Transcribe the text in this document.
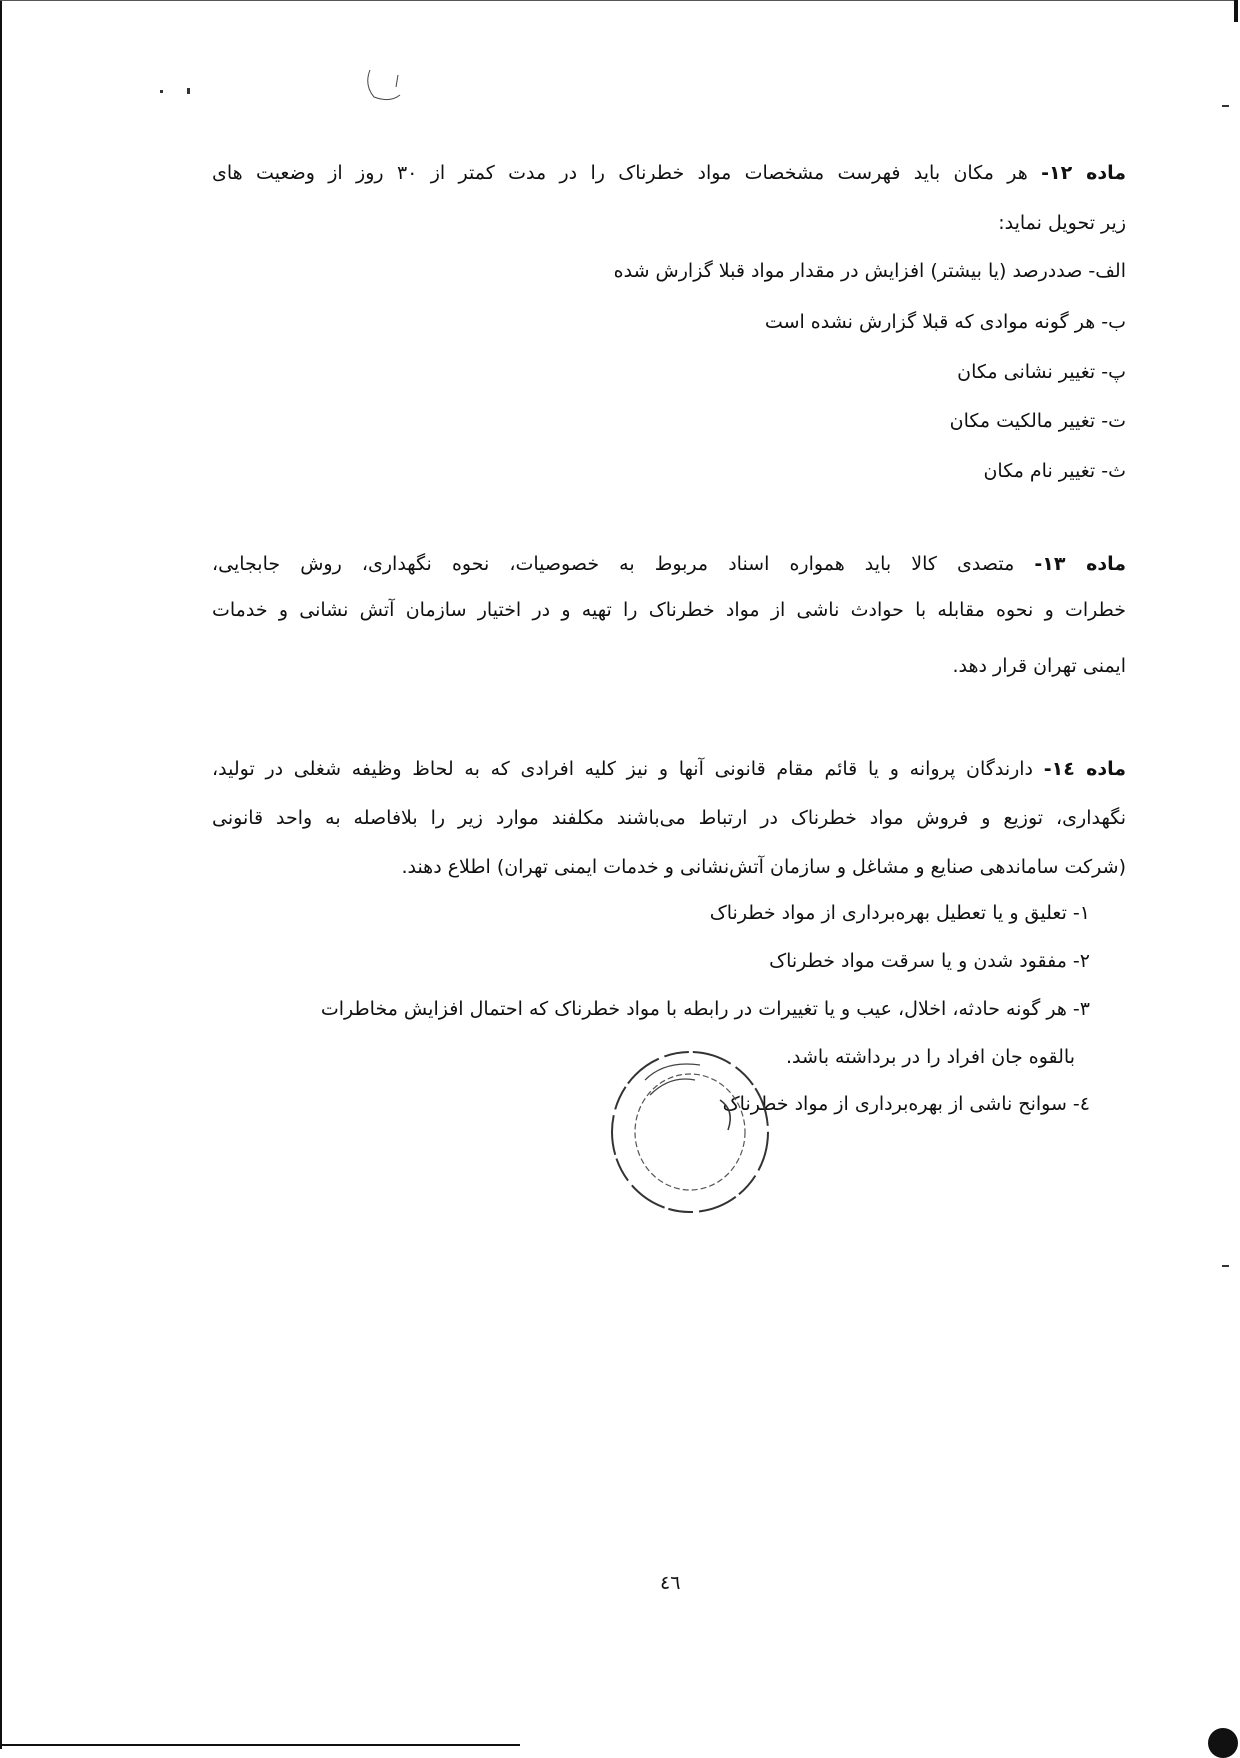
ماده ۱۲- هر مکان باید فهرست مشخصات مواد خطرناک را در مدت کمتر از ۳۰ روز از وضعیت های
زیر تحویل نماید:
الف- صددرصد (یا بیشتر) افزایش در مقدار مواد قبلا گزارش شده
ب- هر گونه موادی که قبلا گزارش نشده است
پ- تغییر نشانی مکان
ت- تغییر مالکیت مکان
ث- تغییر نام مکان
ماده ۱۳- متصدی کالا باید همواره اسناد مربوط به خصوصیات، نحوه نگهداری، روش جابجایی،
خطرات و نحوه مقابله با حوادث ناشی از مواد خطرناک را تهیه و در اختیار سازمان آتش نشانی و خدمات
ایمنی تهران قرار دهد.
ماده ۱٤- دارندگان پروانه و یا قائم مقام قانونی آنها و نیز کلیه افرادی که به لحاظ وظیفه شغلی در تولید،
نگهداری، توزیع و فروش مواد خطرناک در ارتباط می‌باشند مکلفند موارد زیر را بلافاصله به واحد قانونی
(شرکت ساماندهی صنایع و مشاغل و سازمان آتش‌نشانی و خدمات ایمنی تهران) اطلاع دهند.
۱- تعلیق و یا تعطیل بهره‌برداری از مواد خطرناک
۲- مفقود شدن و یا سرقت مواد خطرناک
۳- هر گونه حادثه، اخلال، عیب و یا تغییرات در رابطه با مواد خطرناک که احتمال افزایش مخاطرات
بالقوه جان افراد را در برداشته باشد.
٤- سوانح ناشی از بهره‌برداری از مواد خطرناک
٤٦
